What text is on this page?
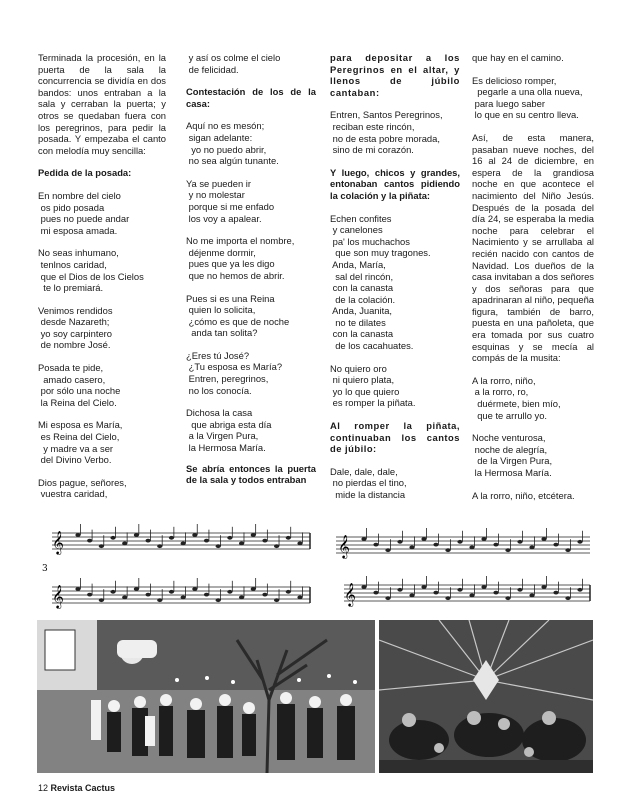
Terminada la procesión, en la puerta de la sala la concurrencia se dividía en dos bandos: unos entraban a la sala y cerraban la puerta; y otros se quedaban fuera con los peregrinos, para pedir la posada. Y empezaba el canto con melodía muy sencilla:

Pedida de la posada:

En nombre del cielo
os pido posada
pues no puede andar
mi esposa amada.
No seas inhumano,
tenlnos caridad,
que el Dios de los Cielos
te lo premiará.
Venimos rendidos
desde Nazareth;
yo soy carpintero
de nombre José.
Posada te pide,
amado casero,
por sólo una noche
la Reina del Cielo.
Mi esposa es María,
es Reina del Cielo,
y madre va a ser
del Divino Verbo.
Dios pague, señores,
vuestra caridad,
y así os colme el cielo
de felicidad.

Contestación de los de la casa:

Aquí no es mesón;
sigan adelante:
yo no puedo abrir,
no sea algún tunante.
Ya se pueden ir
y no molestar
porque si me enfado
los voy a apalear.
No me importa el nombre,
déjenme dormir,
pues que ya les digo
que no hemos de abrir.
Pues si es una Reina
quien lo solicita,
¿cómo es que de noche
anda tan solita?
¿Eres tú José?
¿Tu esposa es María?
Entren, peregrinos,
no los conocía.
Dichosa la casa
que abriga esta día
a la Virgen Pura,
la Hermosa María.

Se abría entonces la puerta de la sala y todos entraban

para depositar a los Peregrinos en el altar, y llenos de júbilo cantaban:

Entren, Santos Peregrinos,
reciban este rincón,
no de esta pobre morada,
sino de mi corazón.

Y luego, chicos y grandes, entonaban cantos pidiendo la colación y la piñata:

Echen confites
y canelones
pa' los muchachos
que son muy tragones.
Anda, María,
sal del rincón,
con la canasta
de la colación.
Anda, Juanita,
no te dilates
con la canasta
de los cacahuates.
No quiero oro
ni quiero plata,
yo lo que quiero
es romper la piñata.

Al romper la piñata, continuaban los cantos de júbilo:

Dale, dale, dale,
no pierdas el tino,
mide la distancia
que hay en el camino.
Es delicioso romper,
pegarle a una olla nueva,
para luego saber
lo que en su centro lleva.

Así, de esta manera, pasaban nueve noches, del 16 al 24 de diciembre, en espera de la grandiosa noche en que acontece el nacimiento del Niño Jesús. Después de la posada del día 24, se esperaba la media noche para celebrar el Nacimiento y se arrullaba al recién nacido con cantos de Navidad. Los dueños de la casa invitaban a dos señores y dos señoras para que apadrinaran al niño, pequeña figura, también de barro, puesta en una pañoleta, que era tomada por sus cuatro esquinas y se mecía al compás de la musita:

A la rorro, niño,
a la rorro, ro,
duérmete, bien mío,
que te arrullo yo.
Noche venturosa,
noche de alegría,
de la Virgen Pura,
la Hermosa María.
A la rorro, niño, etcétera.
𝄞
𝄞
3
𝄞
𝄞
12 Revista Cactus
